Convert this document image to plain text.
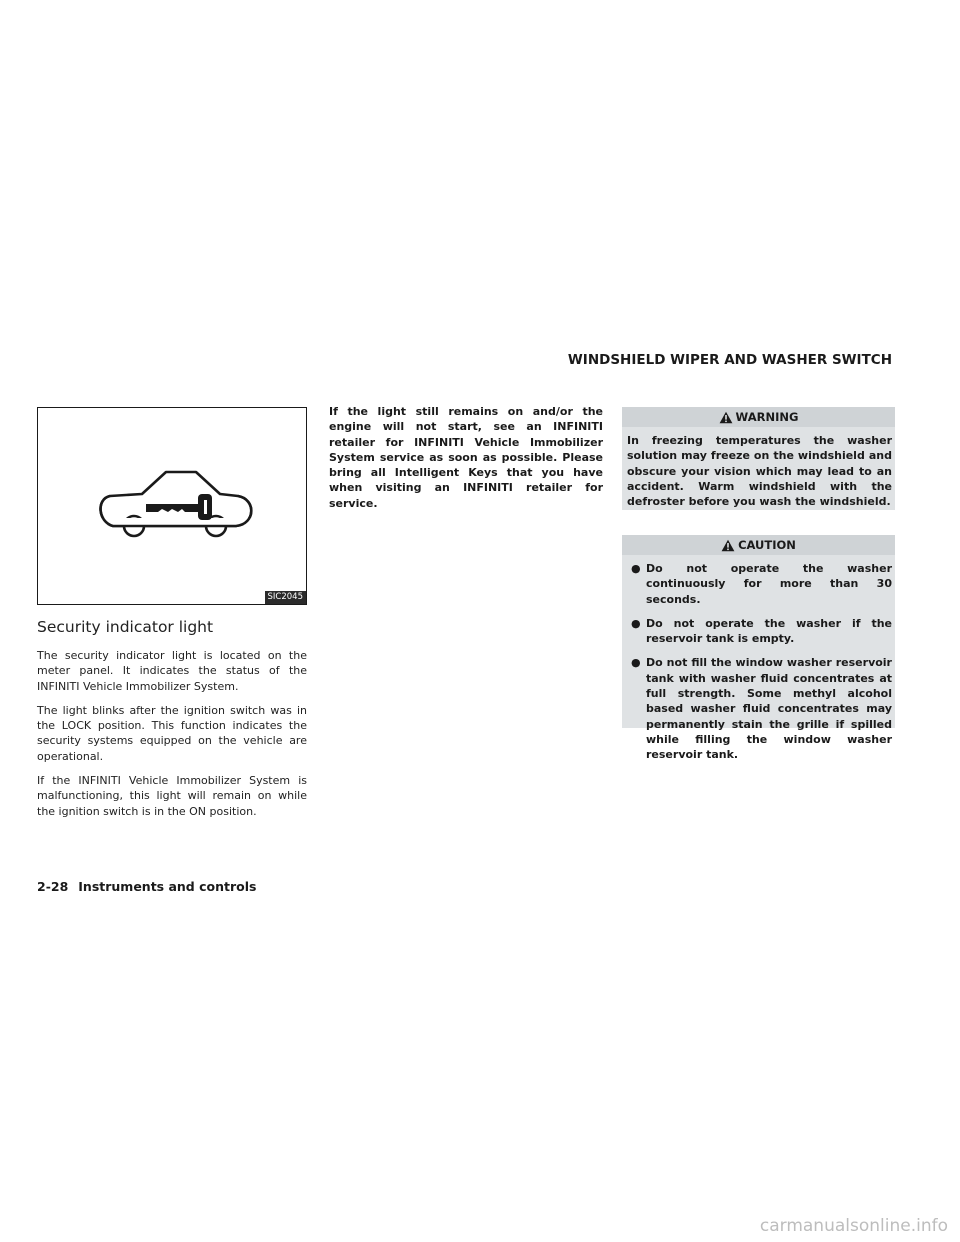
WINDSHIELD WIPER AND WASHER SWITCH
SIC2045
Security indicator light

The security indicator light is located on the meter panel. It indicates the status of the INFINITI Vehicle Immobilizer System.

The light blinks after the ignition switch was in the LOCK position. This function indicates the security systems equipped on the vehicle are operational.

If the INFINITI Vehicle Immobilizer System is malfunctioning, this light will remain on while the ignition switch is in the ON position.

If the light still remains on and/or the engine will not start, see an INFINITI retailer for INFINITI Vehicle Immobilizer System service as soon as possible. Please bring all Intelligent Keys that you have when visiting an INFINITI retailer for service.

WARNING

In freezing temperatures the washer solution may freeze on the windshield and obscure your vision which may lead to an accident. Warm windshield with the defroster before you wash the windshield.

CAUTION
● Do not operate the washer continuously for more than 30 seconds.
● Do not operate the washer if the reservoir tank is empty.
● Do not fill the window washer reservoir tank with washer fluid concentrates at full strength. Some methyl alcohol based washer fluid concentrates may permanently stain the grille if spilled while filling the window washer reservoir tank.
2-28 Instruments and controls
carmanualsonline.info
